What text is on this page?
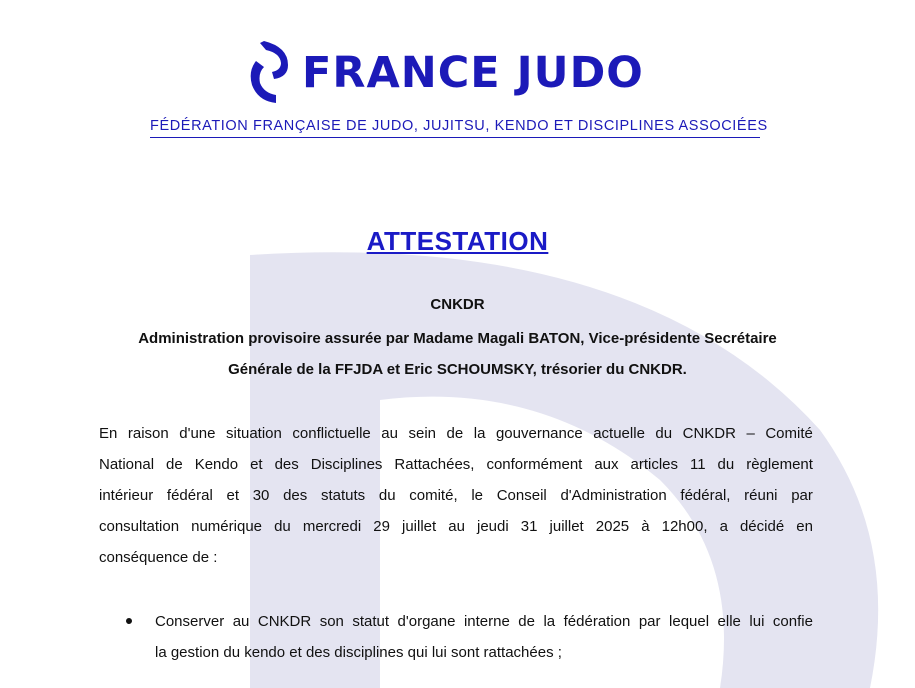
FRANCE JUDO
FÉDÉRATION FRANÇAISE DE JUDO, JUJITSU, KENDO ET DISCIPLINES ASSOCIÉES
ATTESTATION
CNKDR
Administration provisoire assurée par Madame Magali BATON, Vice-présidente Secrétaire
Générale de la FFJDA et Eric SCHOUMSKY, trésorier du CNKDR.
En raison d'une situation conflictuelle au sein de la gouvernance actuelle du CNKDR – Comité
National de Kendo et des Disciplines Rattachées, conformément aux articles 11 du règlement
intérieur fédéral et 30 des statuts du comité, le Conseil d'Administration fédéral, réuni par
consultation numérique du mercredi 29 juillet au jeudi 31 juillet 2025 à 12h00, a décidé en
conséquence de :
Conserver au CNKDR son statut d'organe interne de la fédération par lequel elle lui confie
la gestion du kendo et des disciplines qui lui sont rattachées ;
